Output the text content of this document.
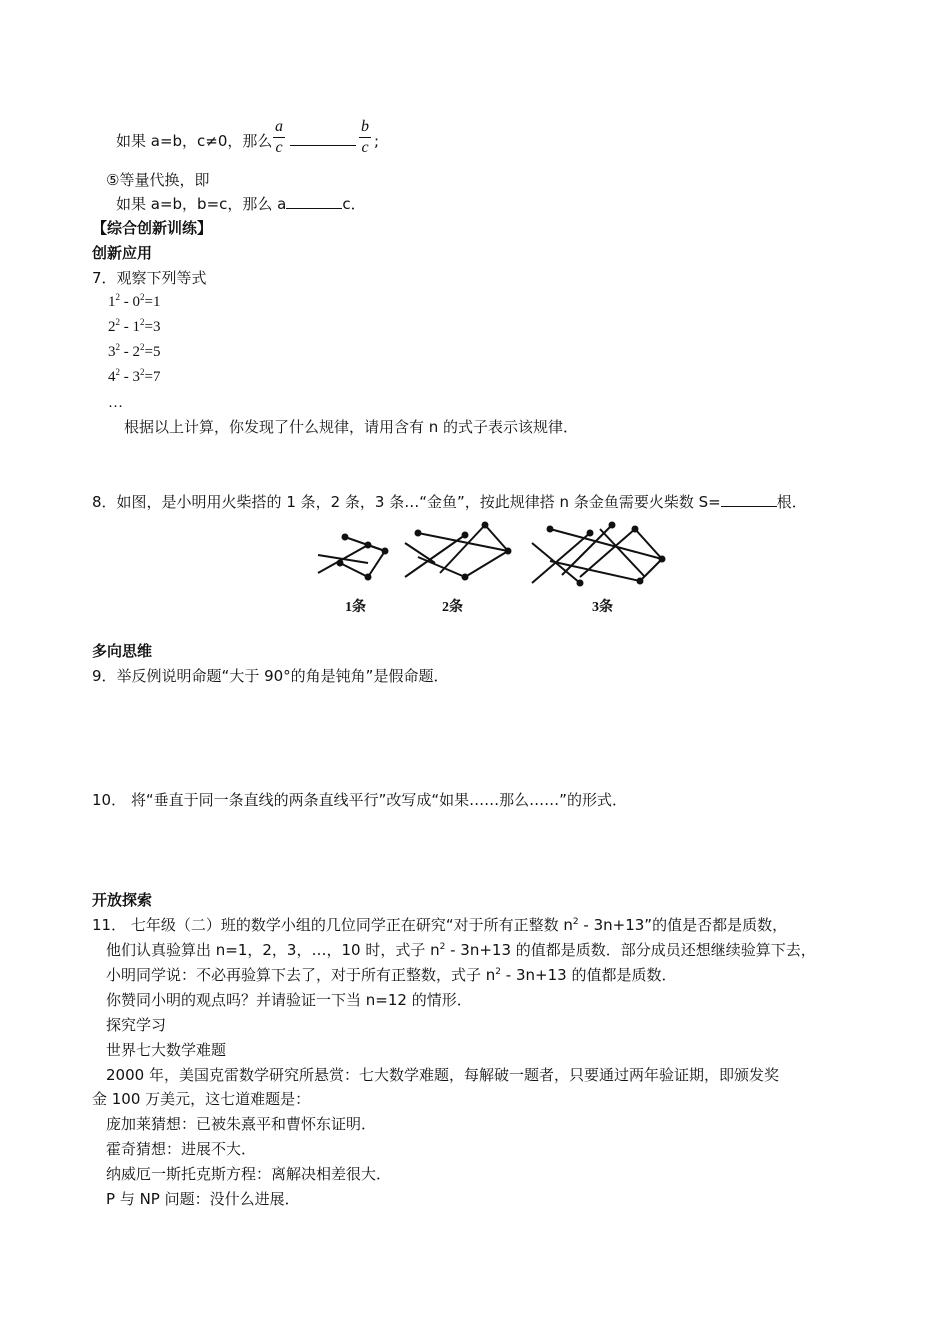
如果 a=b，c≠0，那么
a
c
b
c ;
⑤等量代换，即
如果 a=b，b=c，那么 a	c．
【综合创新训练】
创新应用
7．观察下列等式
$1^2 - 0^2=1$
$2^2 - 1^2=3$
$3^2 - 2^2=5$
$4^2 - 3^2=7$
…
根据以上计算，你发现了什么规律，请用含有 n 的式子表示该规律．
8．如图，是小明用火柴搭的 1 条，2 条，3 条…“金鱼”，按此规律搭 n 条金鱼需要火柴数 S=	根．
1条	2条	3条
多向思维
9．举反例说明命题“大于 90°的角是钝角”是假命题．
10． 将“垂直于同一条直线的两条直线平行”改写成“如果……那么……”的形式．
开放探索
11． 七年级（二）班的数学小组的几位同学正在研究“对于所有正整数 $n^2 - 3n+13$”的值是否都是质数，
他们认真验算出 n=1，2，3，…，10 时，式子 $n^2 - 3n+13$ 的值都是质数．部分成员还想继续验算下去，
小明同学说：不必再验算下去了，对于所有正整数，式子 $n^2 - 3n+13$ 的值都是质数．
你赞同小明的观点吗？并请验证一下当 n=12 的情形．
探究学习
世界七大数学难题
2000 年，美国克雷数学研究所悬赏：七大数学难题，每解破一题者，只要通过两年验证期，即颁发奖
金 100 万美元，这七道难题是：
庞加莱猜想：已被朱熹平和曹怀东证明．
霍奇猜想：进展不大．
纳威厄一斯托克斯方程：离解决相差很大．
P 与 NP 问题：没什么进展．
